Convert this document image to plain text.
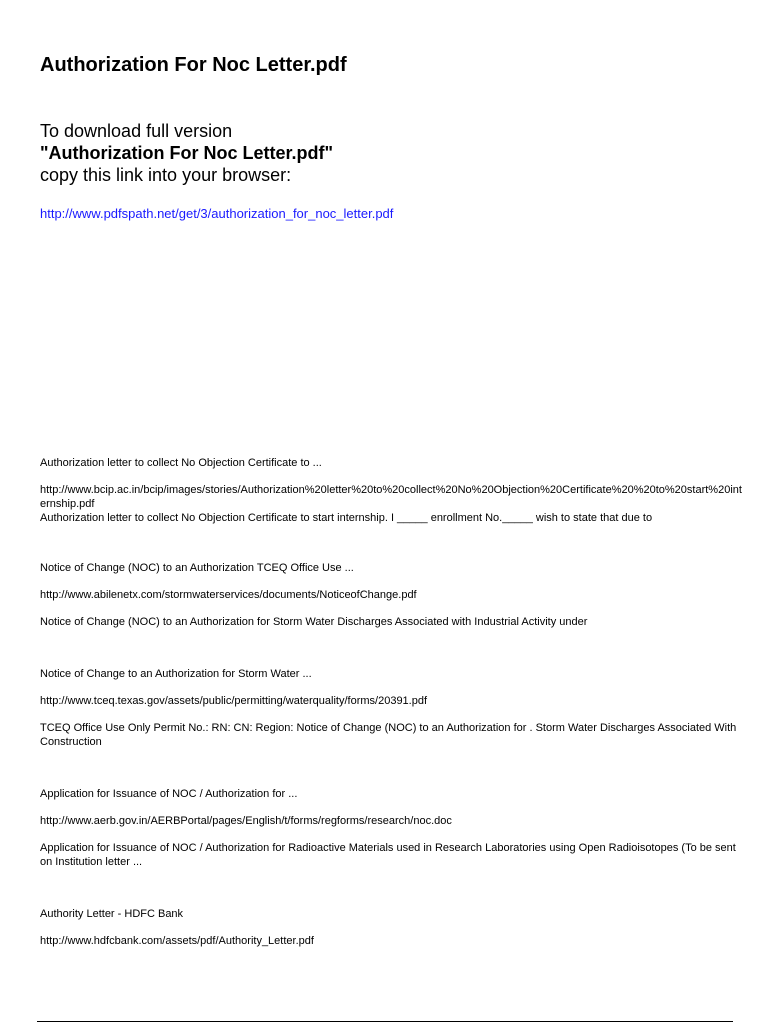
Authorization For Noc Letter.pdf
To download full version
"Authorization For Noc Letter.pdf"
copy this link into your browser:
http://www.pdfspath.net/get/3/authorization_for_noc_letter.pdf
Authorization letter to collect No Objection Certificate to ...
http://www.bcip.ac.in/bcip/images/stories/Authorization%20letter%20to%20collect%20No%20Objection%20Certificate%20%20to%20start%20internship.pdf
Authorization letter to collect No Objection Certificate to start internship. I _____ enrollment No._____ wish to state that due to
Notice of Change (NOC) to an Authorization TCEQ Office Use ...
http://www.abilenetx.com/stormwaterservices/documents/NoticeofChange.pdf
Notice of Change (NOC) to an Authorization for Storm Water Discharges Associated with Industrial Activity under
Notice of Change to an Authorization for Storm Water ...
http://www.tceq.texas.gov/assets/public/permitting/waterquality/forms/20391.pdf
TCEQ Office Use Only Permit No.: RN: CN: Region: Notice of Change (NOC) to an Authorization for . Storm Water Discharges Associated With Construction
Application for Issuance of NOC / Authorization for ...
http://www.aerb.gov.in/AERBPortal/pages/English/t/forms/regforms/research/noc.doc
Application for Issuance of NOC / Authorization for Radioactive Materials used in Research Laboratories using Open Radioisotopes (To be sent on Institution letter ...
Authority Letter - HDFC Bank
http://www.hdfcbank.com/assets/pdf/Authority_Letter.pdf
